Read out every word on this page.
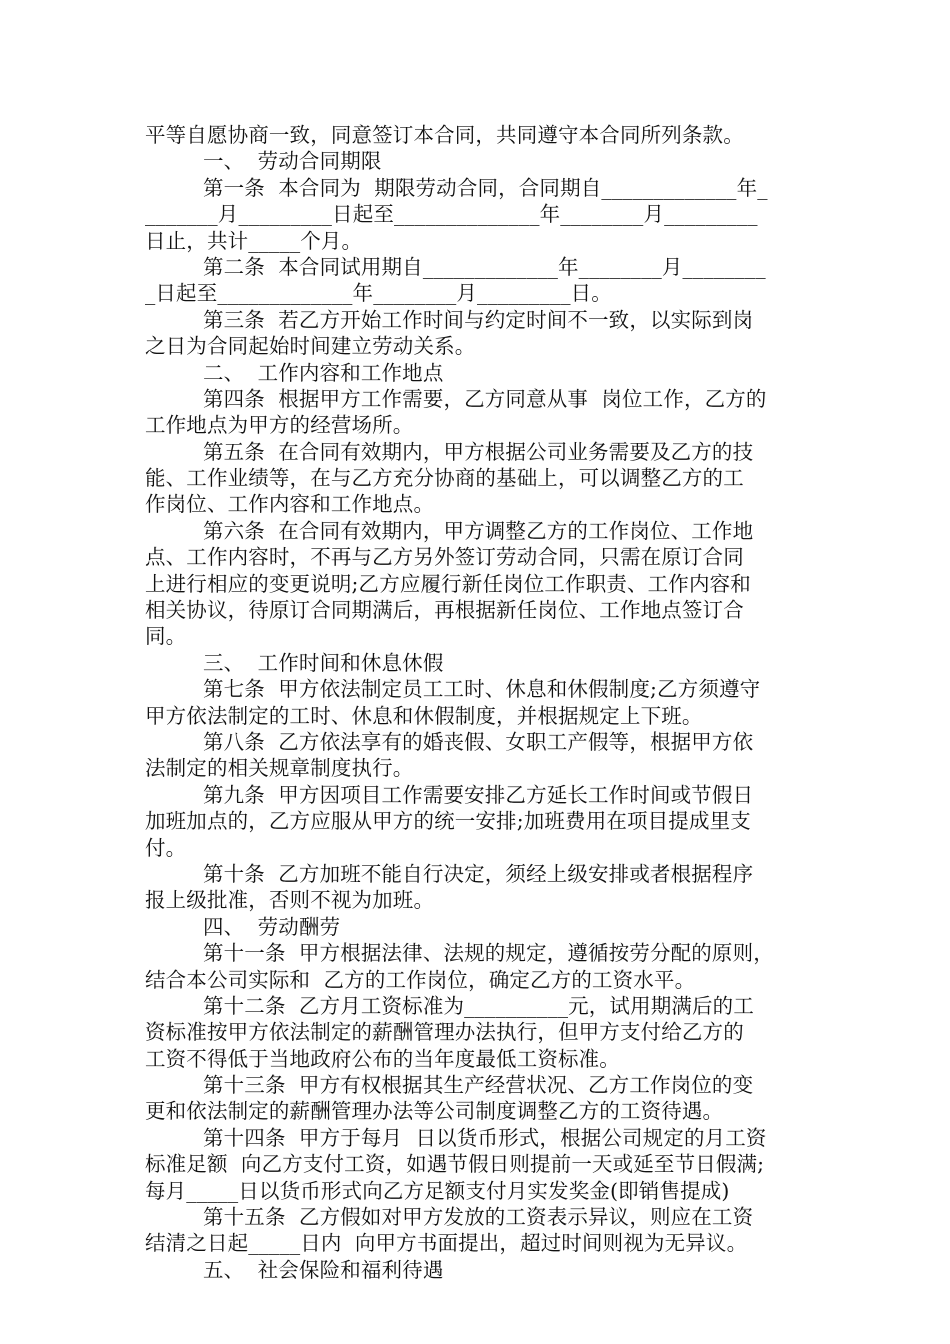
平等自愿协商一致，同意签订本合同，共同遵守本合同所列条款。
一、  劳动合同期限
第一条  本合同为  期限劳动合同，合同期自_____________年_
_______月_________日起至______________年________月_________
日止，共计_____个月。
第二条  本合同试用期自_____________年________月________
_日起至_____________年________月_________日。
第三条  若乙方开始工作时间与约定时间不一致，以实际到岗
之日为合同起始时间建立劳动关系。
二、  工作内容和工作地点
第四条  根据甲方工作需要，乙方同意从事  岗位工作，乙方的
工作地点为甲方的经营场所。
第五条  在合同有效期内，甲方根据公司业务需要及乙方的技
能、工作业绩等，在与乙方充分协商的基础上，可以调整乙方的工
作岗位、工作内容和工作地点。
第六条  在合同有效期内，甲方调整乙方的工作岗位、工作地
点、工作内容时，不再与乙方另外签订劳动合同，只需在原订合同
上进行相应的变更说明;乙方应履行新任岗位工作职责、工作内容和
相关协议，待原订合同期满后，再根据新任岗位、工作地点签订合
同。
三、  工作时间和休息休假
第七条  甲方依法制定员工工时、休息和休假制度;乙方须遵守
甲方依法制定的工时、休息和休假制度，并根据规定上下班。
第八条  乙方依法享有的婚丧假、女职工产假等，根据甲方依
法制定的相关规章制度执行。
第九条  甲方因项目工作需要安排乙方延长工作时间或节假日
加班加点的，乙方应服从甲方的统一安排;加班费用在项目提成里支
付。
第十条  乙方加班不能自行决定，须经上级安排或者根据程序
报上级批准，否则不视为加班。
四、  劳动酬劳
第十一条  甲方根据法律、法规的规定，遵循按劳分配的原则，
结合本公司实际和  乙方的工作岗位，确定乙方的工资水平。
第十二条  乙方月工资标准为__________元，试用期满后的工
资标准按甲方依法制定的薪酬管理办法执行，但甲方支付给乙方的
工资不得低于当地政府公布的当年度最低工资标准。
第十三条  甲方有权根据其生产经营状况、乙方工作岗位的变
更和依法制定的薪酬管理办法等公司制度调整乙方的工资待遇。
第十四条  甲方于每月  日以货币形式，根据公司规定的月工资
标准足额  向乙方支付工资，如遇节假日则提前一天或延至节日假满;
每月_____日以货币形式向乙方足额支付月实发奖金(即销售提成)
第十五条  乙方假如对甲方发放的工资表示异议，则应在工资
结清之日起_____日内  向甲方书面提出，超过时间则视为无异议。
五、  社会保险和福利待遇
